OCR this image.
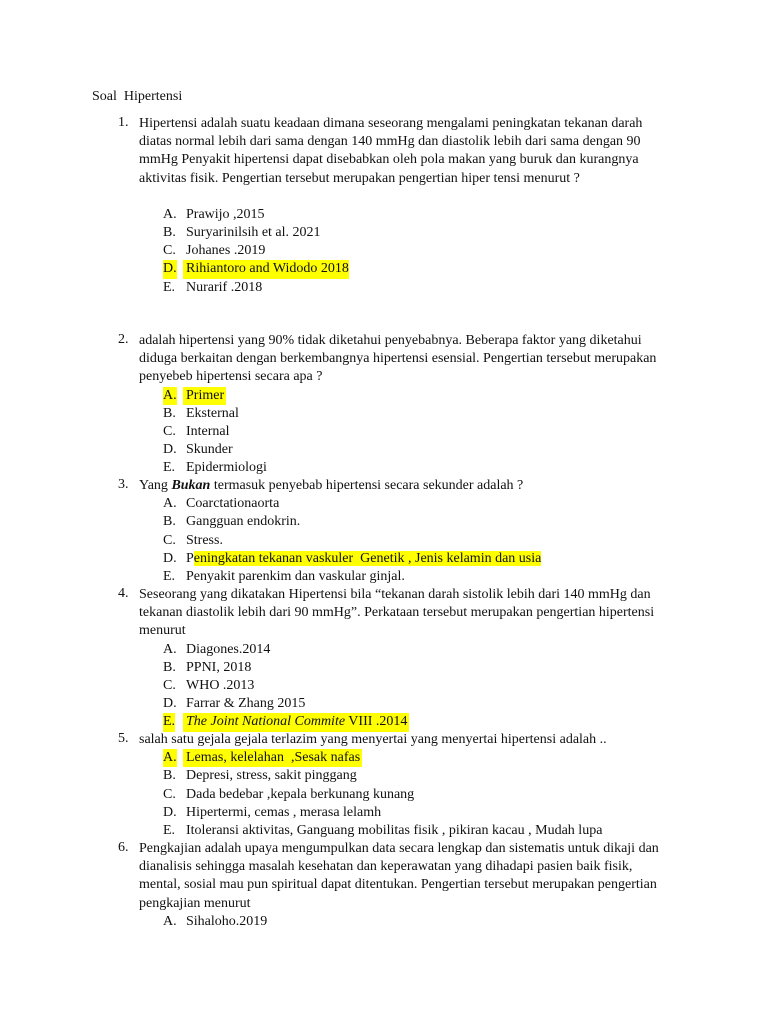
Soal  Hipertensi
1. Hipertensi adalah suatu keadaan dimana seseorang mengalami peningkatan tekanan darah diatas normal lebih dari sama dengan 140 mmHg dan diastolik lebih dari sama dengan 90 mmHg Penyakit hipertensi dapat disebabkan oleh pola makan yang buruk dan kurangnya aktivitas fisik. Pengertian tersebut merupakan pengertian hiper tensi menurut ?
A. Prawijo ,2015
B. Suryarinilsih et al. 2021
C. Johanes .2019
D. Rihiantoro and Widodo 2018
E. Nurarif .2018
2. adalah hipertensi yang 90% tidak diketahui penyebabnya. Beberapa faktor yang diketahui diduga berkaitan dengan berkembangnya hipertensi esensial. Pengertian tersebut merupakan penyebeb hipertensi secara apa ?
A. Primer
B. Eksternal
C. Internal
D. Skunder
E. Epidermiologi
3. Yang Bukan termasuk penyebab hipertensi secara sekunder adalah ?
A. Coarctationaorta
B. Gangguan endokrin.
C. Stress.
D. Peningkatan tekanan vaskuler  Genetik , Jenis kelamin dan usia
E. Penyakit parenkim dan vaskular ginjal.
4. Seseorang yang dikatakan Hipertensi bila “tekanan darah sistolik lebih dari 140 mmHg dan tekanan diastolik lebih dari 90 mmHg”. Perkataan tersebut merupakan pengertian hipertensi menurut
A. Diagones.2014
B. PPNI, 2018
C. WHO .2013
D. Farrar & Zhang 2015
E. The Joint National Commite VIII .2014
5. salah satu gejala gejala terlazim yang menyertai yang menyertai hipertensi adalah ..
A. Lemas, kelelahan  ,Sesak nafas
B. Depresi, stress, sakit pinggang
C. Dada bedebar ,kepala berkunang kunang
D. Hipertermi, cemas , merasa lelamh
E. Itoleransi aktivitas, Ganguang mobilitas fisik , pikiran kacau , Mudah lupa
6. Pengkajian adalah upaya mengumpulkan data secara lengkap dan sistematis untuk dikaji dan dianalisis sehingga masalah kesehatan dan keperawatan yang dihadapi pasien baik fisik, mental, sosial mau pun spiritual dapat ditentukan. Pengertian tersebut merupakan pengertian pengkajian menurut
A. Sihaloho.2019
